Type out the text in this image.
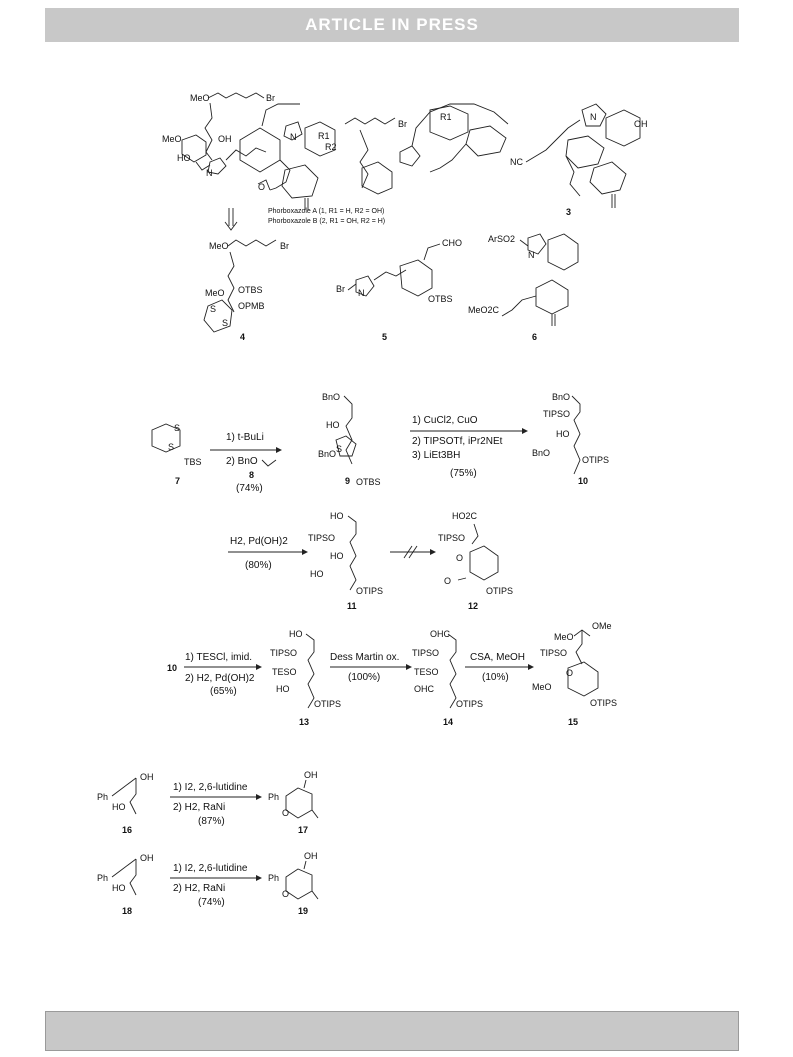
ARTICLE IN PRESS
MeO	Br
OH
MeO
HO
N
N R1
R2
O
Br
R1
NC
N
OH
Phorboxazole A (1, R1 = H, R2 = OH)
Phorboxazole B (2, R1 = OH, R2 = H)
3
MeO	Br
MeO OTBS
OPMB
S
S
4
Br N
CHO
OTBS
5
ArSO2
N
MeO2C
6
S
S
TBS
7
1) t-BuLi
2) BnO
8
(74%)
BnO
HO
BnO S
OTBS
9
1) CuCl2, CuO
2) TIPSOTf, iPr2NEt
3) LiEt3BH
(75%)
BnO
TIPSO
HO
BnO
OTIPS
10
H2, Pd(OH)2
(80%)
HO
TIPSO
HO
HO
OTIPS
11
HO2C
TIPSO
O
O
OTIPS
12
10
1) TESCl, imid.
2) H2, Pd(OH)2
(65%)
HO
TIPSO
TESO
HO
OTIPS
13
Dess Martin ox.
(100%)
OHC
TIPSO
TESO
OHC
OTIPS
14
CSA, MeOH
(10%)
MeO
OMe
TIPSO
O
MeO
OTIPS
15
Ph
OH
HO
16
1) I2, 2,6-lutidine
2) H2, RaNi
(87%)
Ph
O
OH
17
Ph
OH
HO
18
1) I2, 2,6-lutidine
2) H2, RaNi
(74%)
Ph
O
OH
19
